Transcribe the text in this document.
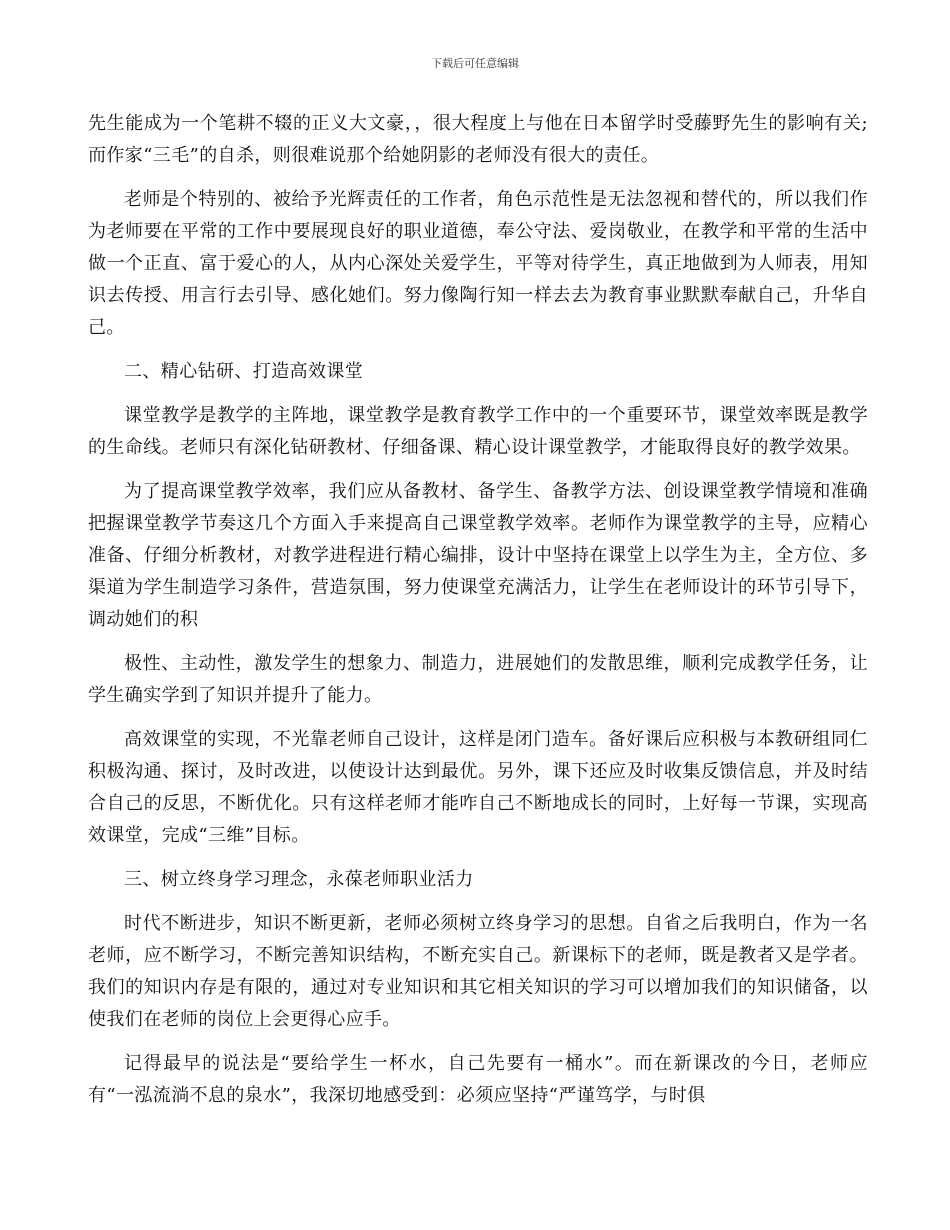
下载后可任意编辑

先生能成为一个笔耕不辍的正义大文豪，，很大程度上与他在日本留学时受藤野先生的影响有关;而作家“三毛”的自杀，则很难说那个给她阴影的老师没有很大的责任。

老师是个特别的、被给予光辉责任的工作者，角色示范性是无法忽视和替代的，所以我们作为老师要在平常的工作中要展现良好的职业道德，奉公守法、爱岗敬业，在教学和平常的生活中做一个正直、富于爱心的人，从内心深处关爱学生，平等对待学生，真正地做到为人师表，用知识去传授、用言行去引导、感化她们。努力像陶行知一样去去为教育事业默默奉献自己，升华自己。

二、精心钻研、打造高效课堂

课堂教学是教学的主阵地，课堂教学是教育教学工作中的一个重要环节，课堂效率既是教学的生命线。老师只有深化钻研教材、仔细备课、精心设计课堂教学，才能取得良好的教学效果。

为了提高课堂教学效率，我们应从备教材、备学生、备教学方法、创设课堂教学情境和准确把握课堂教学节奏这几个方面入手来提高自己课堂教学效率。老师作为课堂教学的主导，应精心准备、仔细分析教材，对教学进程进行精心编排，设计中坚持在课堂上以学生为主，全方位、多渠道为学生制造学习条件，营造氛围，努力使课堂充满活力，让学生在老师设计的环节引导下，调动她们的积

极性、主动性，激发学生的想象力、制造力，进展她们的发散思维，顺利完成教学任务，让学生确实学到了知识并提升了能力。

高效课堂的实现，不光靠老师自己设计，这样是闭门造车。备好课后应积极与本教研组同仁积极沟通、探讨，及时改进，以使设计达到最优。另外，课下还应及时收集反馈信息，并及时结合自己的反思，不断优化。只有这样老师才能咋自己不断地成长的同时，上好每一节课，实现高效课堂，完成“三维”目标。

三、树立终身学习理念，永葆老师职业活力

时代不断进步，知识不断更新，老师必须树立终身学习的思想。自省之后我明白，作为一名老师，应不断学习，不断完善知识结构，不断充实自己。新课标下的老师，既是教者又是学者。我们的知识内存是有限的，通过对专业知识和其它相关知识的学习可以增加我们的知识储备，以使我们在老师的岗位上会更得心应手。

记得最早的说法是“要给学生一杯水，自己先要有一桶水”。而在新课改的今日，老师应有“一泓流淌不息的泉水”，我深切地感受到：必须应坚持“严谨笃学，与时俱
